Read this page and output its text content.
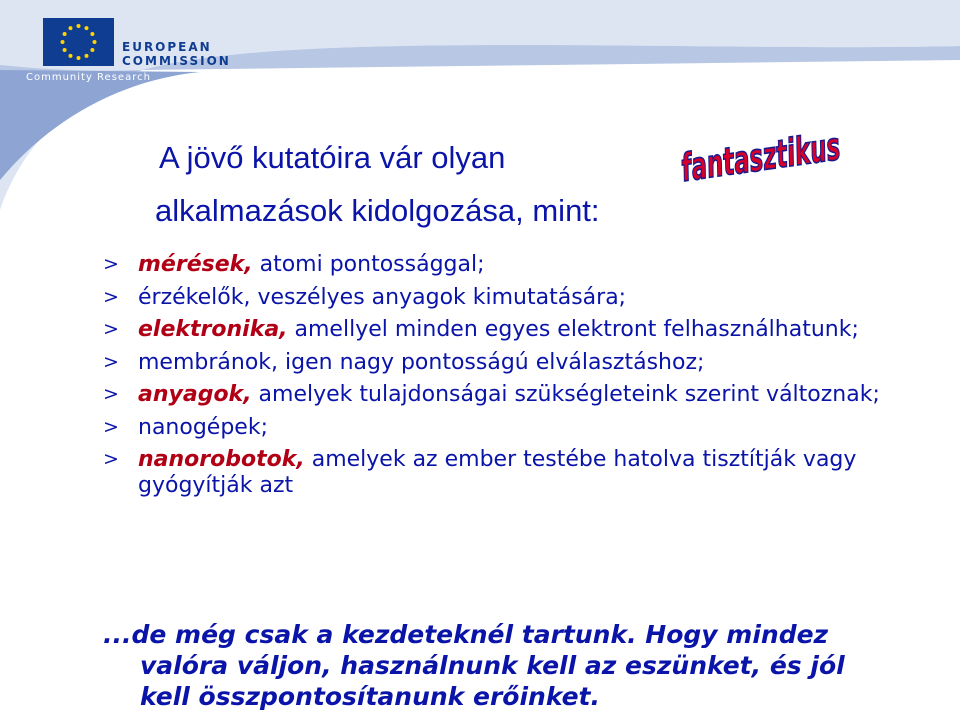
EUROPEAN
COMMISSION
Community Research
A jövő kutatóira vár olyan
alkalmazások kidolgozása, mint:
fantasztikus
> mérések, atomi pontossággal;
> érzékelők, veszélyes anyagok kimutatására;
> elektronika, amellyel minden egyes elektront felhasználhatunk;
> membránok, igen nagy pontosságú elválasztáshoz;
> anyagok, amelyek tulajdonságai szükségleteink szerint változnak;
> nanogépek;
> nanorobotok, amelyek az ember testébe hatolva tisztítják vagy gyógyítják azt

...de még csak a kezdeteknél tartunk. Hogy mindez

valóra váljon, használnunk kell az eszünket, és jól

kell összpontosítanunk erőinket.
